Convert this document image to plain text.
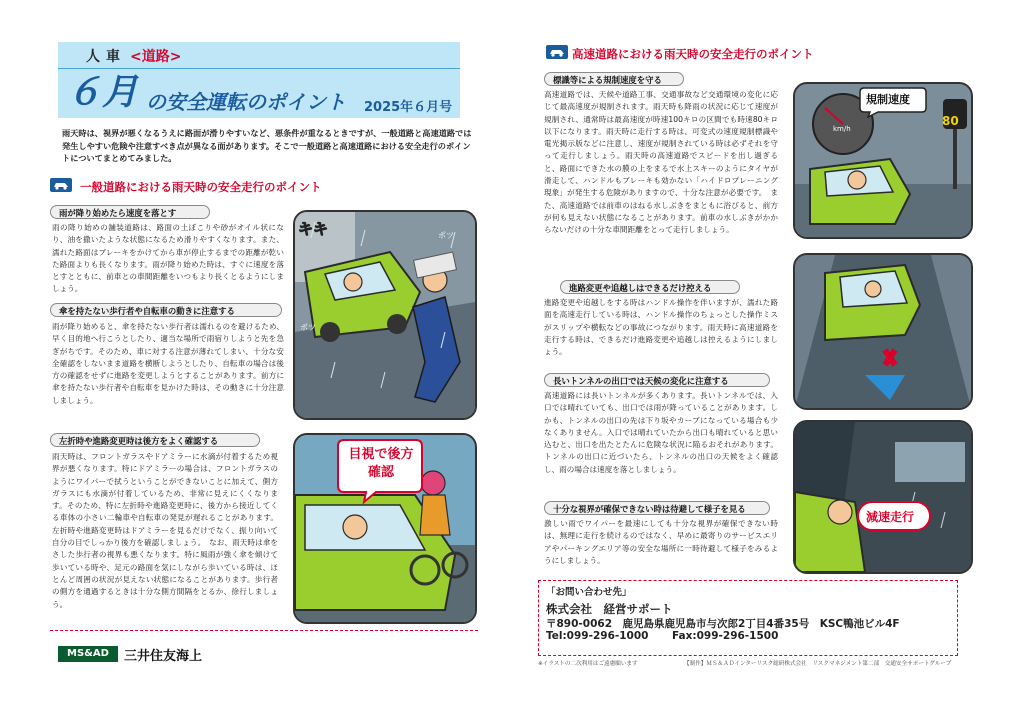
人車 <道路>
６月 の安全運転のポイント 2025年６月号
雨天時は、視界が悪くなるうえに路面が滑りやすいなど、悪条件が重なるときですが、一般道路と高速道路では発生しやすい危険や注意すべき点が異なる面があります。そこで一般道路と高速道路における安全走行のポイントについてまとめてみました。
一般道路における雨天時の安全走行のポイント
雨が降り始めたら速度を落とす
雨の降り始めの舗装道路は、路面の土ぼこりや砂がオイル状になり、油を撒いたような状態になるため滑りやすくなります。また、濡れた路面はブレーキをかけてから車が停止するまでの距離が乾いた路面よりも長くなります。雨が降り始めた時は、すぐに速度を落とすとともに、前車との車間距離をいつもより長くとるようにしましょう。
傘を持たない歩行者や自転車の動きに注意する
雨が降り始めると、傘を持たない歩行者は濡れるのを避けるため、早く目的地へ行こうとしたり、適当な場所で雨宿りしようと先を急ぎがちです。そのため、車に対する注意が薄れてしまい、十分な安全確認をしないまま道路を横断しようとしたり、自転車の場合は後方の確認をせずに進路を変更しようとすることがあります。前方に傘を持たない歩行者や自転車を見かけた時は、その動きに十分注意しましょう。
左折時や進路変更時は後方をよく確認する
雨天時は、フロントガラスやドアミラーに水滴が付着するため視界が悪くなります。特にドアミラーの場合は、フロントガラスのようにワイパーで拭うということができないことに加えて、側方ガラスにも水滴が付着しているため、非常に見えにくくなります。そのため、特に左折時や進路変更時に、後方から接近してくる車体の小さい二輪車や自転車の発見が遅れることがあります。左折時や進路変更時はドアミラーを見るだけでなく、振り向いて自分の目でしっかり後方を確認しましょう。　なお、雨天時は傘をさした歩行者の視界も悪くなります。特に風雨が強く傘を傾けて歩いている時や、足元の路面を気にしながら歩いている時は、ほとんど周囲の状況が見えない状態になることがあります。歩行者の側方を通過するときは十分な側方間隔をとるか、徐行しましょう。
キキ	ポツ
ポツ
目視で後方確認
MS&AD	三井住友海上
高速道路における雨天時の安全走行のポイント
標識等による規制速度を守る
高速道路では、天候や道路工事、交通事故など交通環境の変化に応じて最高速度が規制されます。雨天時も降雨の状況に応じて速度が規制され、通常時は最高速度が時速100キロの区間でも時速80キロ以下になります。雨天時に走行する時は、可変式の速度規制標識や電光掲示版などに注意し、速度が規制されている時は必ずそれを守って走行しましょう。雨天時の高速道路でスピードを出し過ぎると、路面にできた水の膜の上をまるで水上スキーのようにタイヤが滑走して、ハンドルもブレーキも効かない「ハイドロプレーニング現象」が発生する危険がありますので、十分な注意が必要です。　また、高速道路では前車のはねる水しぶきをまともに浴びると、前方が何も見えない状態になることがあります。前車の水しぶきがかからないだけの十分な車間距離をとって走行しましょう。
進路変更や追越しはできるだけ控える
進路変更や追越しをする時はハンドル操作を伴いますが、濡れた路面を高速走行している時は、ハンドル操作のちょっとした操作ミスがスリップや横転などの事故につながります。雨天時に高速道路を走行する時は、できるだけ進路変更や追越しは控えるようにしましょう。
長いトンネルの出口では天候の変化に注意する
高速道路には長いトンネルが多くあります。長いトンネルでは、入口では晴れていても、出口では雨が降っていることがあります。しかも、トンネルの出口の先は下り坂やカーブになっている場合も少なくありません。入口では晴れていたから出口も晴れていると思い込むと、出口を出たとたんに危険な状況に陥るおそれがあります。トンネルの出口に近づいたら、トンネルの出口の天候をよく確認し、雨の場合は速度を落としましょう。
十分な視界が確保できない時は待避して様子を見る
激しい雨でワイパーを最速にしても十分な視界が確保できない時は、無理に走行を続けるのではなく、早めに最寄りのサービスエリアやパーキングエリア等の安全な場所に一時待避して様子をみるようにしましょう。
規制速度
80
km/h
減速走行
「お問い合わせ先」
株式会社　経営サポート
〒890-0062　鹿児島県鹿児島市与次郎2丁目4番35号　KSC鴨池ビル4F
Tel:099-296-1000 Fax:099-296-1500
※イラストの二次利用はご遠慮願います	【制作】ＭＳ＆ＡＤインターリスク総研株式会社　リスクマネジメント第二部　交通安全サポートグループ
